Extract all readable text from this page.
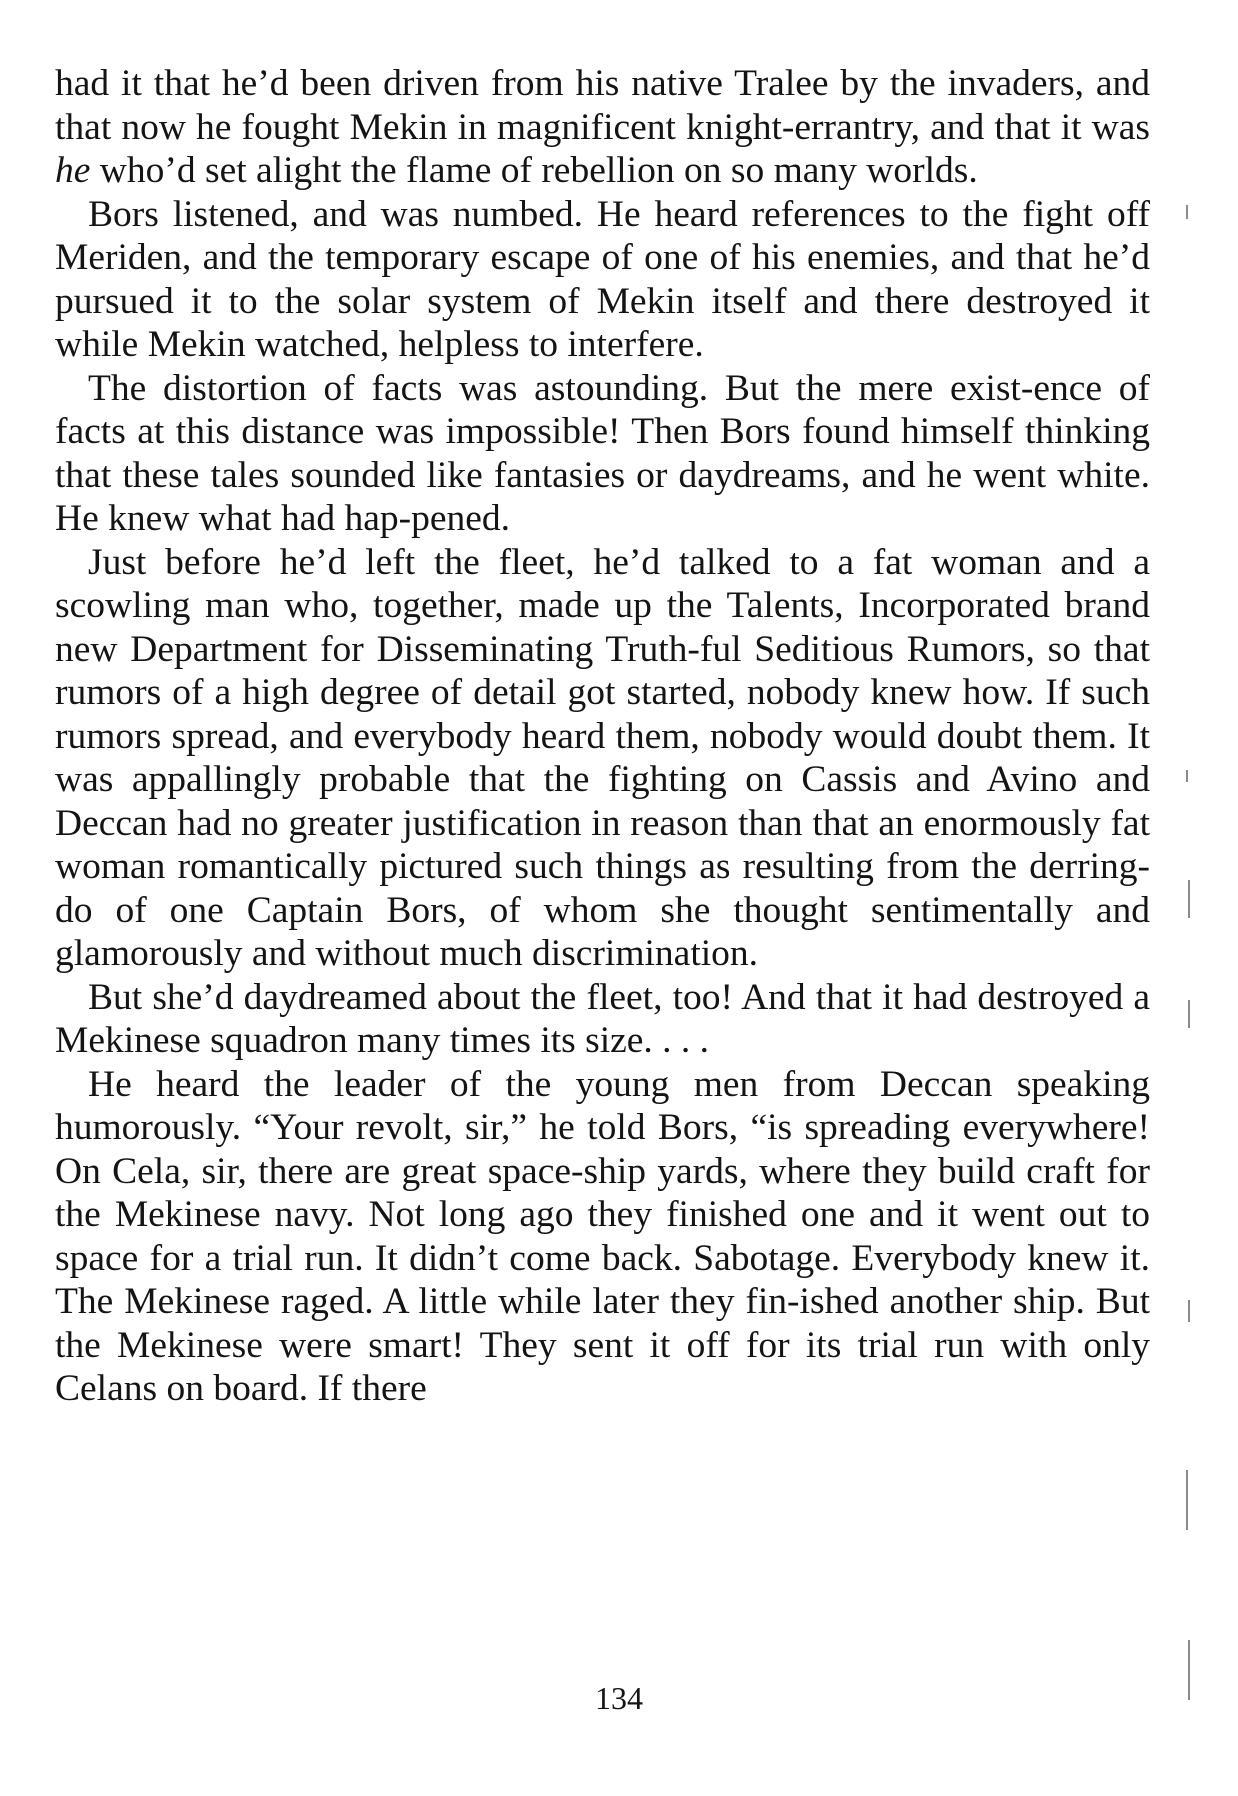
had it that he’d been driven from his native Tralee by the invaders, and that now he fought Mekin in magnificent knight-errantry, and that it was he who’d set alight the flame of rebellion on so many worlds.

Bors listened, and was numbed. He heard references to the fight off Meriden, and the temporary escape of one of his enemies, and that he’d pursued it to the solar system of Mekin itself and there destroyed it while Mekin watched, helpless to interfere.

The distortion of facts was astounding. But the mere exist-ence of facts at this distance was impossible! Then Bors found himself thinking that these tales sounded like fantasies or daydreams, and he went white. He knew what had hap-pened.

Just before he’d left the fleet, he’d talked to a fat woman and a scowling man who, together, made up the Talents, Incorporated brand new Department for Disseminating Truth-ful Seditious Rumors, so that rumors of a high degree of detail got started, nobody knew how. If such rumors spread, and everybody heard them, nobody would doubt them. It was appallingly probable that the fighting on Cassis and Avino and Deccan had no greater justification in reason than that an enormously fat woman romantically pictured such things as resulting from the derring-do of one Captain Bors, of whom she thought sentimentally and glamorously and without much discrimination.

But she’d daydreamed about the fleet, too! And that it had destroyed a Mekinese squadron many times its size. . . .

He heard the leader of the young men from Deccan speaking humorously. “Your revolt, sir,” he told Bors, “is spreading everywhere! On Cela, sir, there are great space-ship yards, where they build craft for the Mekinese navy. Not long ago they finished one and it went out to space for a trial run. It didn’t come back. Sabotage. Everybody knew it. The Mekinese raged. A little while later they fin-ished another ship. But the Mekinese were smart! They sent it off for its trial run with only Celans on board. If there

134
